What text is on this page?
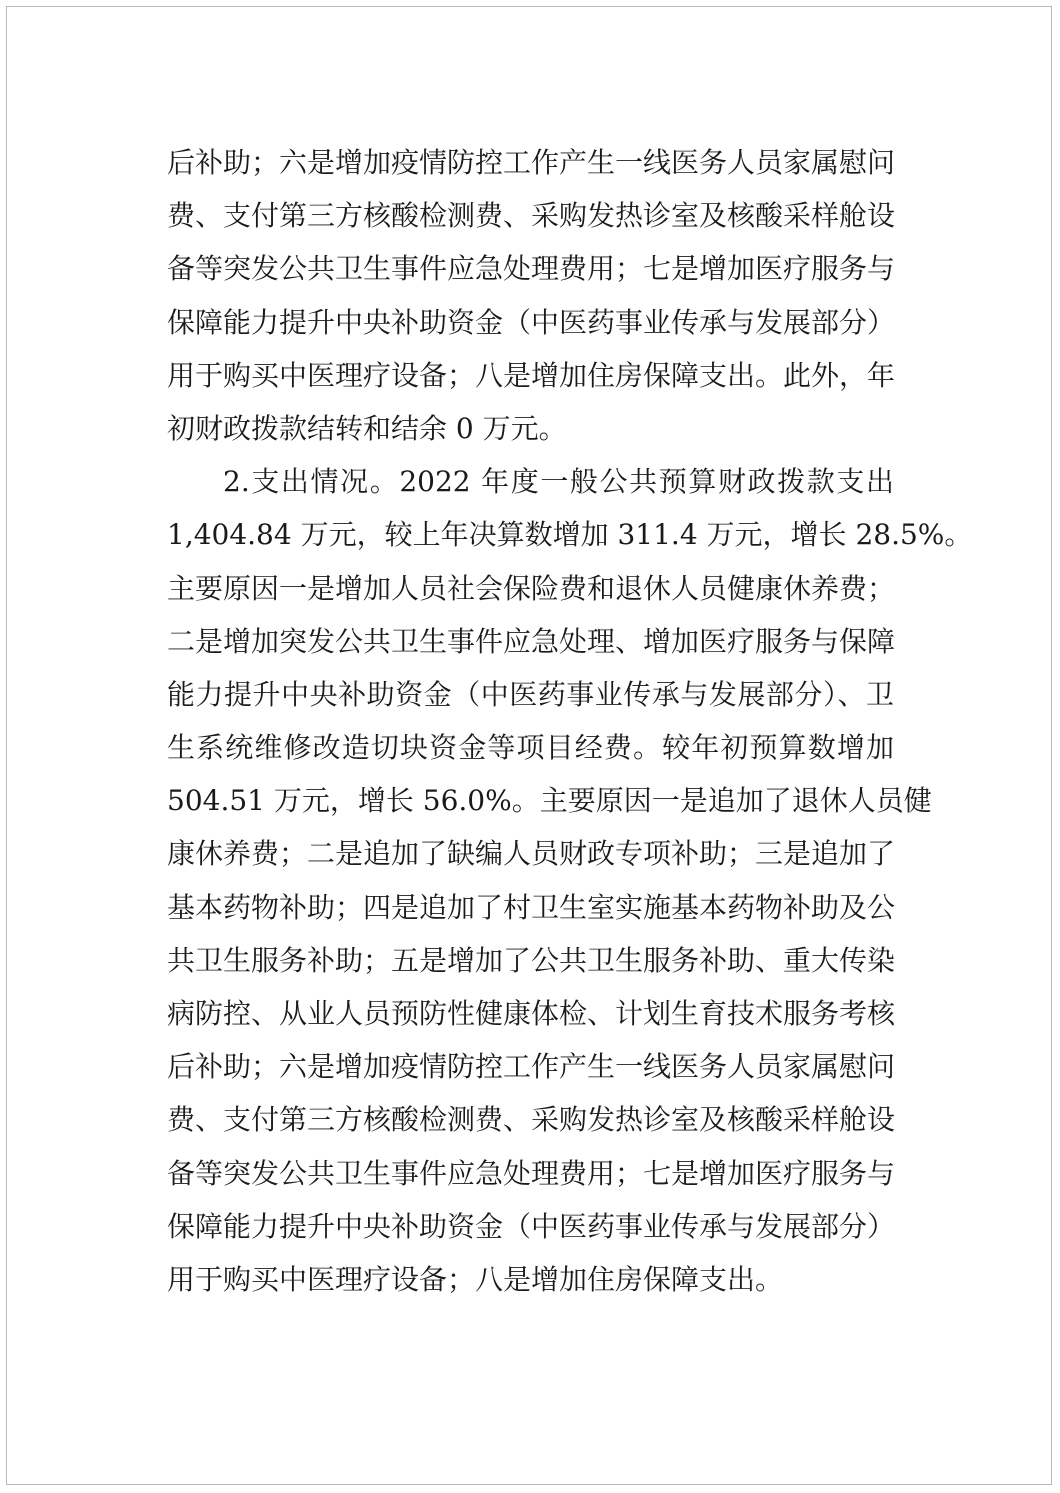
后补助；六是增加疫情防控工作产生一线医务人员家属慰问
费、支付第三方核酸检测费、采购发热诊室及核酸采样舱设
备等突发公共卫生事件应急处理费用；七是增加医疗服务与
保障能力提升中央补助资金（中医药事业传承与发展部分）
用于购买中医理疗设备；八是增加住房保障支出。此外，年
初财政拨款结转和结余 0 万元。
2.支出情况。2022 年度一般公共预算财政拨款支出
1,404.84 万元，较上年决算数增加 311.4 万元，增长 28.5%。
主要原因一是增加人员社会保险费和退休人员健康休养费；
二是增加突发公共卫生事件应急处理、增加医疗服务与保障
能力提升中央补助资金（中医药事业传承与发展部分）、卫
生系统维修改造切块资金等项目经费。较年初预算数增加
504.51 万元，增长 56.0%。主要原因一是追加了退休人员健
康休养费；二是追加了缺编人员财政专项补助；三是追加了
基本药物补助；四是追加了村卫生室实施基本药物补助及公
共卫生服务补助；五是增加了公共卫生服务补助、重大传染
病防控、从业人员预防性健康体检、计划生育技术服务考核
后补助；六是增加疫情防控工作产生一线医务人员家属慰问
费、支付第三方核酸检测费、采购发热诊室及核酸采样舱设
备等突发公共卫生事件应急处理费用；七是增加医疗服务与
保障能力提升中央补助资金（中医药事业传承与发展部分）
用于购买中医理疗设备；八是增加住房保障支出。
